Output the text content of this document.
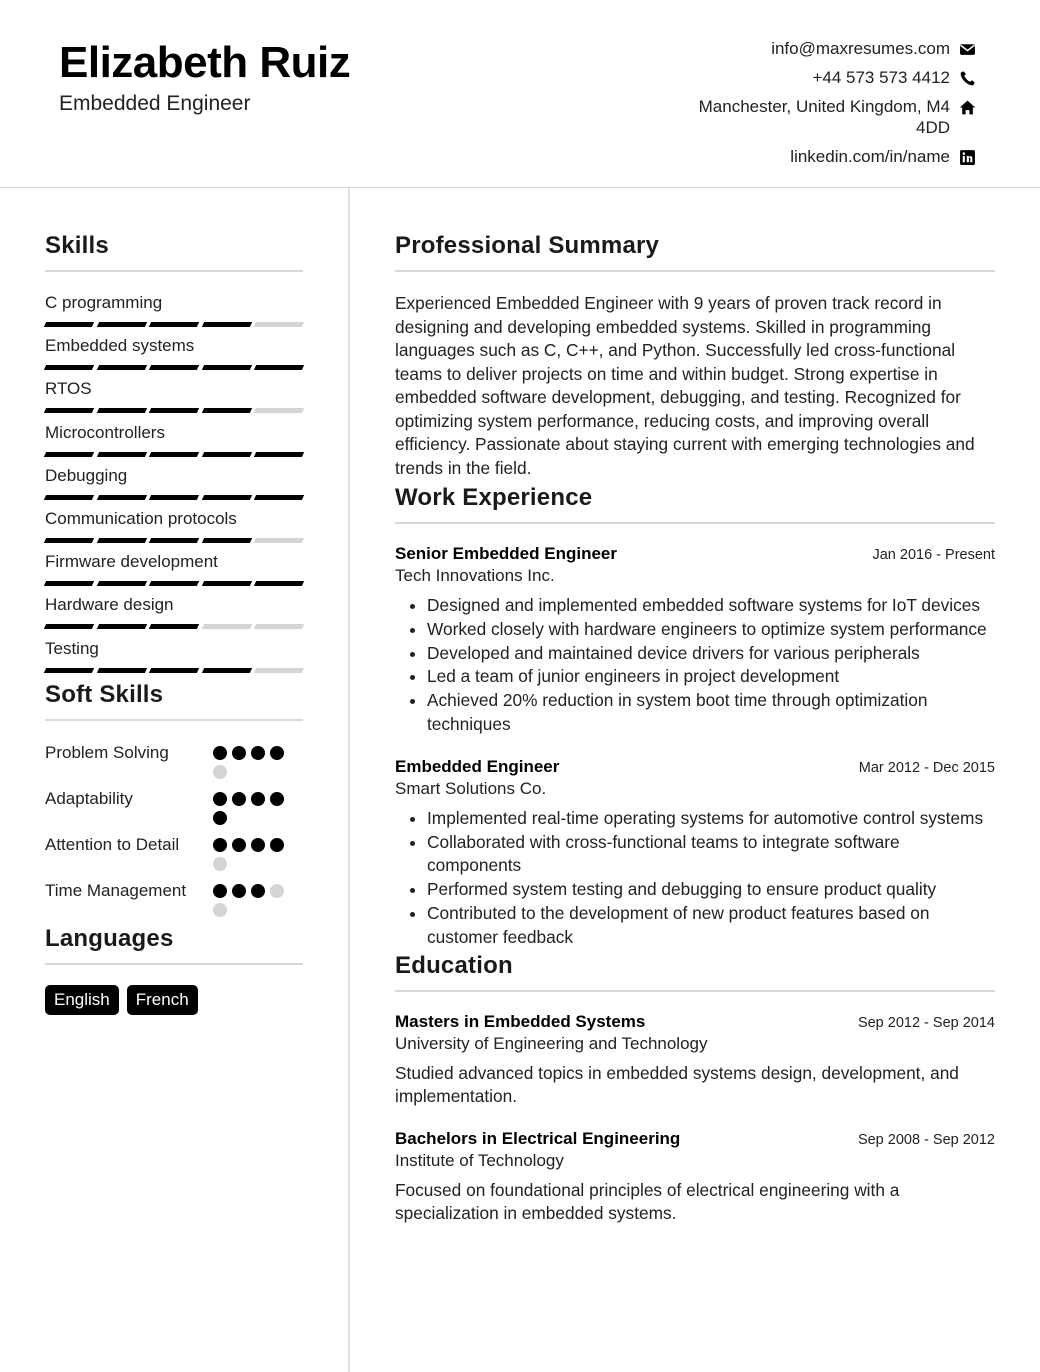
Elizabeth Ruiz
Embedded Engineer
info@maxresumes.com
+44 573 573 4412
Manchester, United Kingdom, M4 4DD
linkedin.com/in/name
Skills
C programming
Embedded systems
RTOS
Microcontrollers
Debugging
Communication protocols
Firmware development
Hardware design
Testing
Soft Skills
Problem Solving
Adaptability
Attention to Detail
Time Management
Languages
English	French
Professional Summary
Experienced Embedded Engineer with 9 years of proven track record in designing and developing embedded systems. Skilled in programming languages such as C, C++, and Python. Successfully led cross-functional teams to deliver projects on time and within budget. Strong expertise in embedded software development, debugging, and testing. Recognized for optimizing system performance, reducing costs, and improving overall efficiency. Passionate about staying current with emerging technologies and trends in the field.
Work Experience
Senior Embedded Engineer	Jan 2016 - Present
Tech Innovations Inc.
• Designed and implemented embedded software systems for IoT devices
• Worked closely with hardware engineers to optimize system performance
• Developed and maintained device drivers for various peripherals
• Led a team of junior engineers in project development
• Achieved 20% reduction in system boot time through optimization techniques
Embedded Engineer	Mar 2012 - Dec 2015
Smart Solutions Co.
• Implemented real-time operating systems for automotive control systems
• Collaborated with cross-functional teams to integrate software components
• Performed system testing and debugging to ensure product quality
• Contributed to the development of new product features based on customer feedback
Education
Masters in Embedded Systems	Sep 2012 - Sep 2014
University of Engineering and Technology
Studied advanced topics in embedded systems design, development, and implementation.
Bachelors in Electrical Engineering	Sep 2008 - Sep 2012
Institute of Technology
Focused on foundational principles of electrical engineering with a specialization in embedded systems.
